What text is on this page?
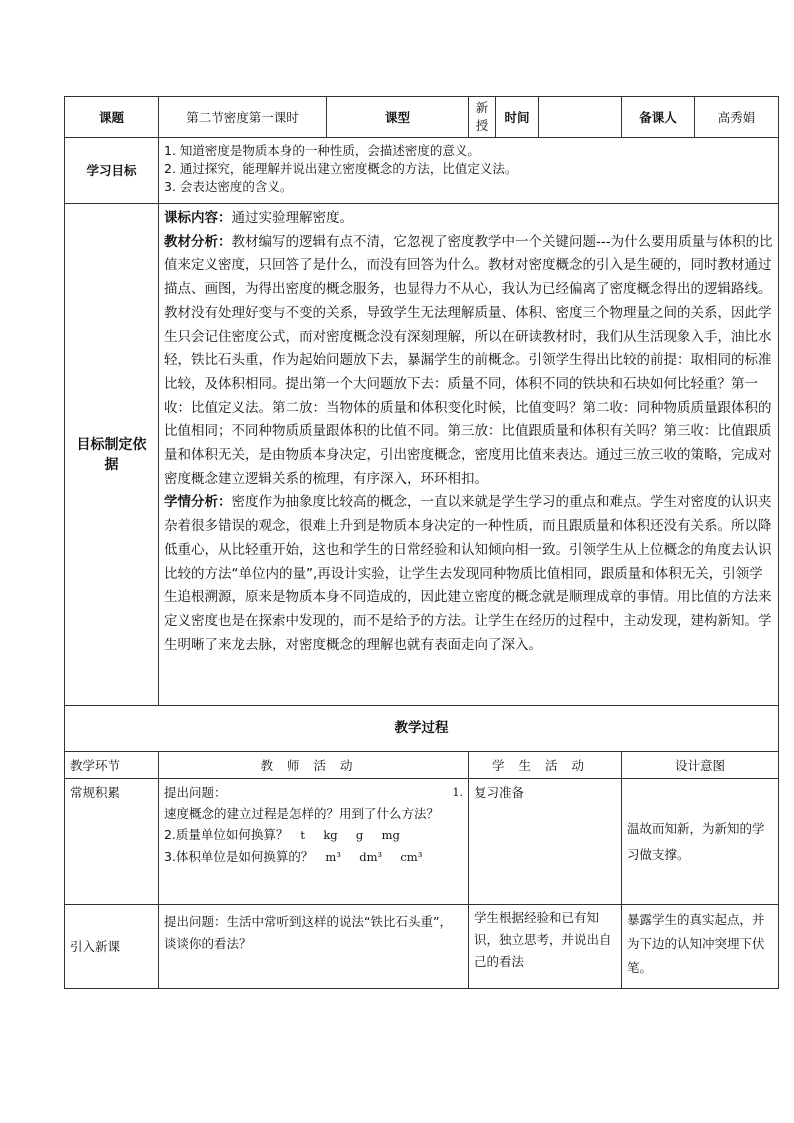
课题	第二节密度第一课时	课型	新授	时间		备课人	高秀娟
学习目标	1. 知道密度是物质本身的一种性质，会描述密度的意义。

2. 通过探究，能理解并说出建立密度概念的方法，比值定义法。

3. 会表达密度的含义。						

目标制定依据	课标内容：通过实验理解密度。

教材分析：教材编写的逻辑有点不清，它忽视了密度教学中一个关键问题---为什么要用质量与体积的比值来定义密度，只回答了是什么，而没有回答为什么。教材对密度概念的引入是生硬的，同时教材通过描点、画图，为得出密度的概念服务，也显得力不从心，我认为已经偏离了密度概念得出的逻辑路线。教材没有处理好变与不变的关系，导致学生无法理解质量、体积、密度三个物理量之间的关系，因此学生只会记住密度公式，而对密度概念没有深刻理解，所以在研读教材时，我们从生活现象入手，油比水轻，铁比石头重，作为起始问题放下去，暴漏学生的前概念。引领学生得出比较的前提：取相同的标准比较，及体积相同。提出第一个大问题放下去：质量不同，体积不同的铁块和石块如何比轻重？第一收：比值定义法。第二放：当物体的质量和体积变化时候，比值变吗？第二收：同种物质质量跟体积的比值相同；不同种物质质量跟体积的比值不同。第三放：比值跟质量和体积有关吗？第三收：比值跟质量和体积无关，是由物质本身决定，引出密度概念，密度用比值来表达。通过三放三收的策略，完成对密度概念建立逻辑关系的梳理，有序深入，环环相扣。

学情分析：密度作为抽象度比较高的概念，一直以来就是学生学习的重点和难点。学生对密度的认识夹杂着很多错误的观念，很难上升到是物质本身决定的一种性质，而且跟质量和体积还没有关系。所以降低重心，从比轻重开始，这也和学生的日常经验和认知倾向相一致。引领学生从上位概念的角度去认识比较的方法“单位内的量”,再设计实验，让学生去发现同种物质比值相同，跟质量和体积无关，引领学生追根溯源，原来是物质本身不同造成的，因此建立密度的概念就是顺理成章的事情。用比值的方法来定义密度也是在探索中发现的，而不是给予的方法。让学生在经历的过程中，主动发现，建构新知。学生明晰了来龙去脉，对密度概念的理解也就有表面走向了深入。						

教学过程							
教学环节	教师活动		学生活动			设计意图	
常规积累	提出问题： 1.
速度概念的建立过程是怎样的？用到了什么方法？
2.质量单位如何换算？ t     kg     g     mg
3.体积单位是如何换算的？ m³     dm³     cm³		复习准备			温故而知新，为新知的学习做支撑。	
引入新课	提出问题：生活中常听到这样的说法“铁比石头重”，谈谈你的看法？		学生根据经验和已有知识，独立思考，并说出自己的看法			暴露学生的真实起点，并为下边的认知冲突埋下伏笔。	
